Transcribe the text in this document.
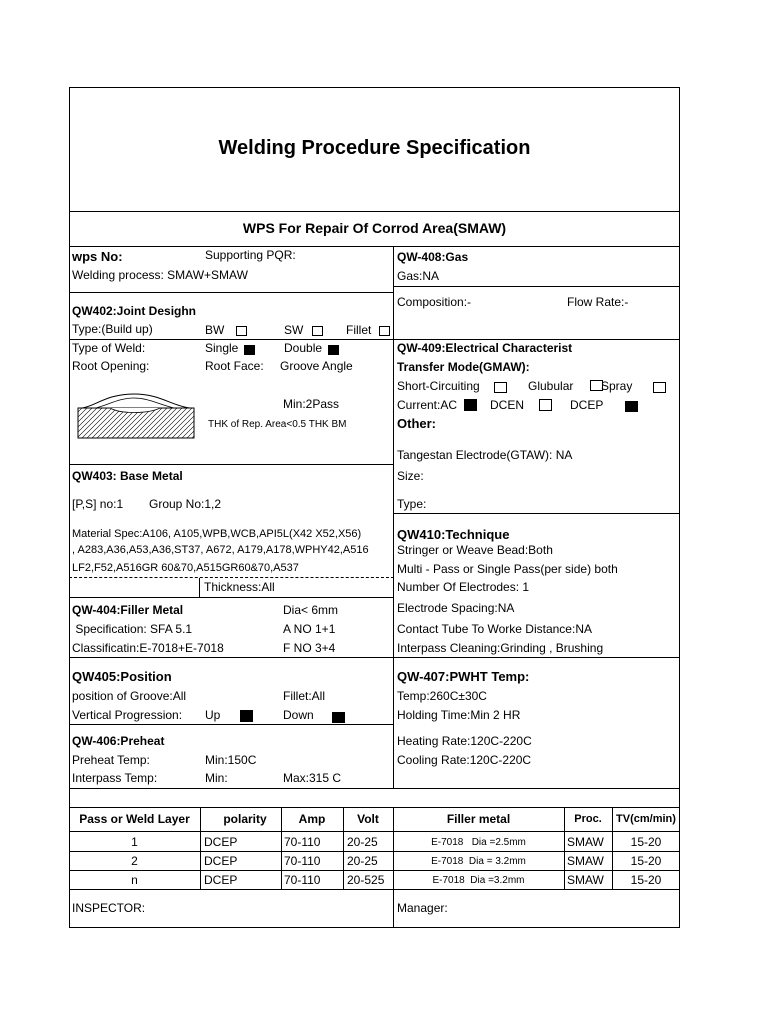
Welding Procedure Specification
WPS For Repair Of Corrod Area(SMAW)
wps No:	Supporting PQR:
Welding process: SMAW+SMAW
QW402:Joint Desighn
Type:(Build up)	BW	SW	Fillet
Type of Weld:	Single	Double
Root Opening:	Root Face: Groove Angle
Min:2Pass
THK of Rep. Area<0.5 THK BM
QW403: Base Metal
[P,S] no:1 Group No:1,2
Material Spec:A106, A105,WPB,WCB,API5L(X42 X52,X56)
, A283,A36,A53,A36,ST37, A672, A179,A178,WPHY42,A516
LF2,F52,A516GR 60&70,A515GR60&70,A537
Thickness:All
QW-404:Filler Metal	Dia< 6mm
Specification: SFA 5.1	A NO 1+1
Classificatin:E-7018+E-7018	F NO 3+4
QW405:Position
position of Groove:All	Fillet:All
Vertical Progression: Up	Down
QW-406:Preheat
Preheat Temp:	Min:150C
Interpass Temp:	Min:	Max:315 C
QW-408:Gas
Gas:NA
Composition:-	Flow Rate:-
QW-409:Electrical Characterist
Transfer Mode(GMAW):
Short-Circuiting	Glubular Spray
Current:AC	DCEN	DCEP
Other:
Tangestan Electrode(GTAW): NA
Size:
Type:
QW410:Technique
Stringer or Weave Bead:Both
Multi - Pass or Single Pass(per side) both
Number Of Electrodes: 1
Electrode Spacing:NA
Contact Tube To Worke Distance:NA
Interpass Cleaning:Grinding , Brushing
QW-407:PWHT Temp:
Temp:260C±30C
Holding Time:Min 2 HR
Heating Rate:120C-220C
Cooling Rate:120C-220C
Pass or Weld Layer	polarity	Amp	Volt	Filler metal	Proc.	TV(cm/min)
1	DCEP	70-110 20-25	E-7018   Dia =2.5mm	SMAW	15-20
2	DCEP	70-110 20-25	E-7018  Dia = 3.2mm	SMAW	15-20
n	DCEP	70-110 20-525	E-7018  Dia =3.2mm	SMAW	15-20
INSPECTOR:	Manager:
